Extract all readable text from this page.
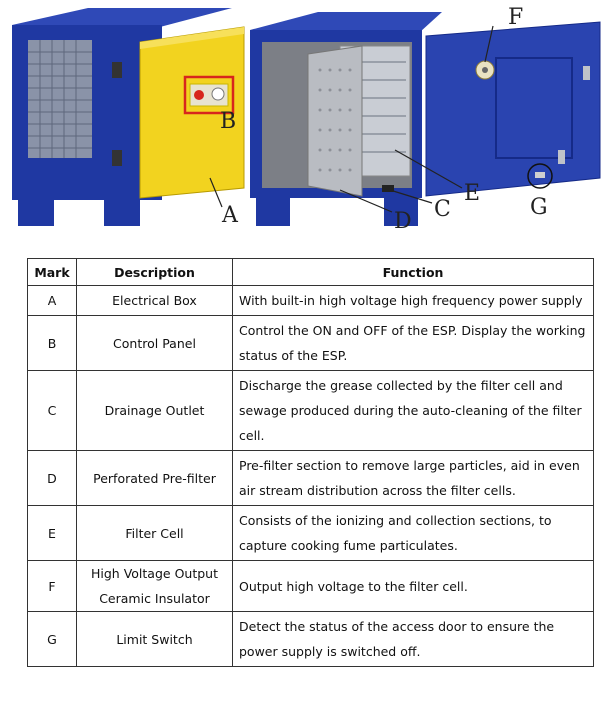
F
B
E
C
A	D
G
Mark	Description	Function
A	Electrical Box	With built-in high voltage high frequency power supply
B	Control Panel	Control the ON and OFF of the ESP. Display the working status of the ESP.
C	Drainage Outlet	Discharge the grease collected by the filter cell and sewage produced during the auto-cleaning of the filter cell.
D	Perforated Pre-filter	Pre-filter section to remove large particles, aid in even air stream distribution across the filter cells.
E	Filter Cell	Consists of the ionizing and collection sections, to capture cooking fume particulates.
F	High Voltage Output Ceramic Insulator	Output high voltage to the filter cell.
G	Limit Switch	Detect the status of the access door to ensure the power supply is switched off.
